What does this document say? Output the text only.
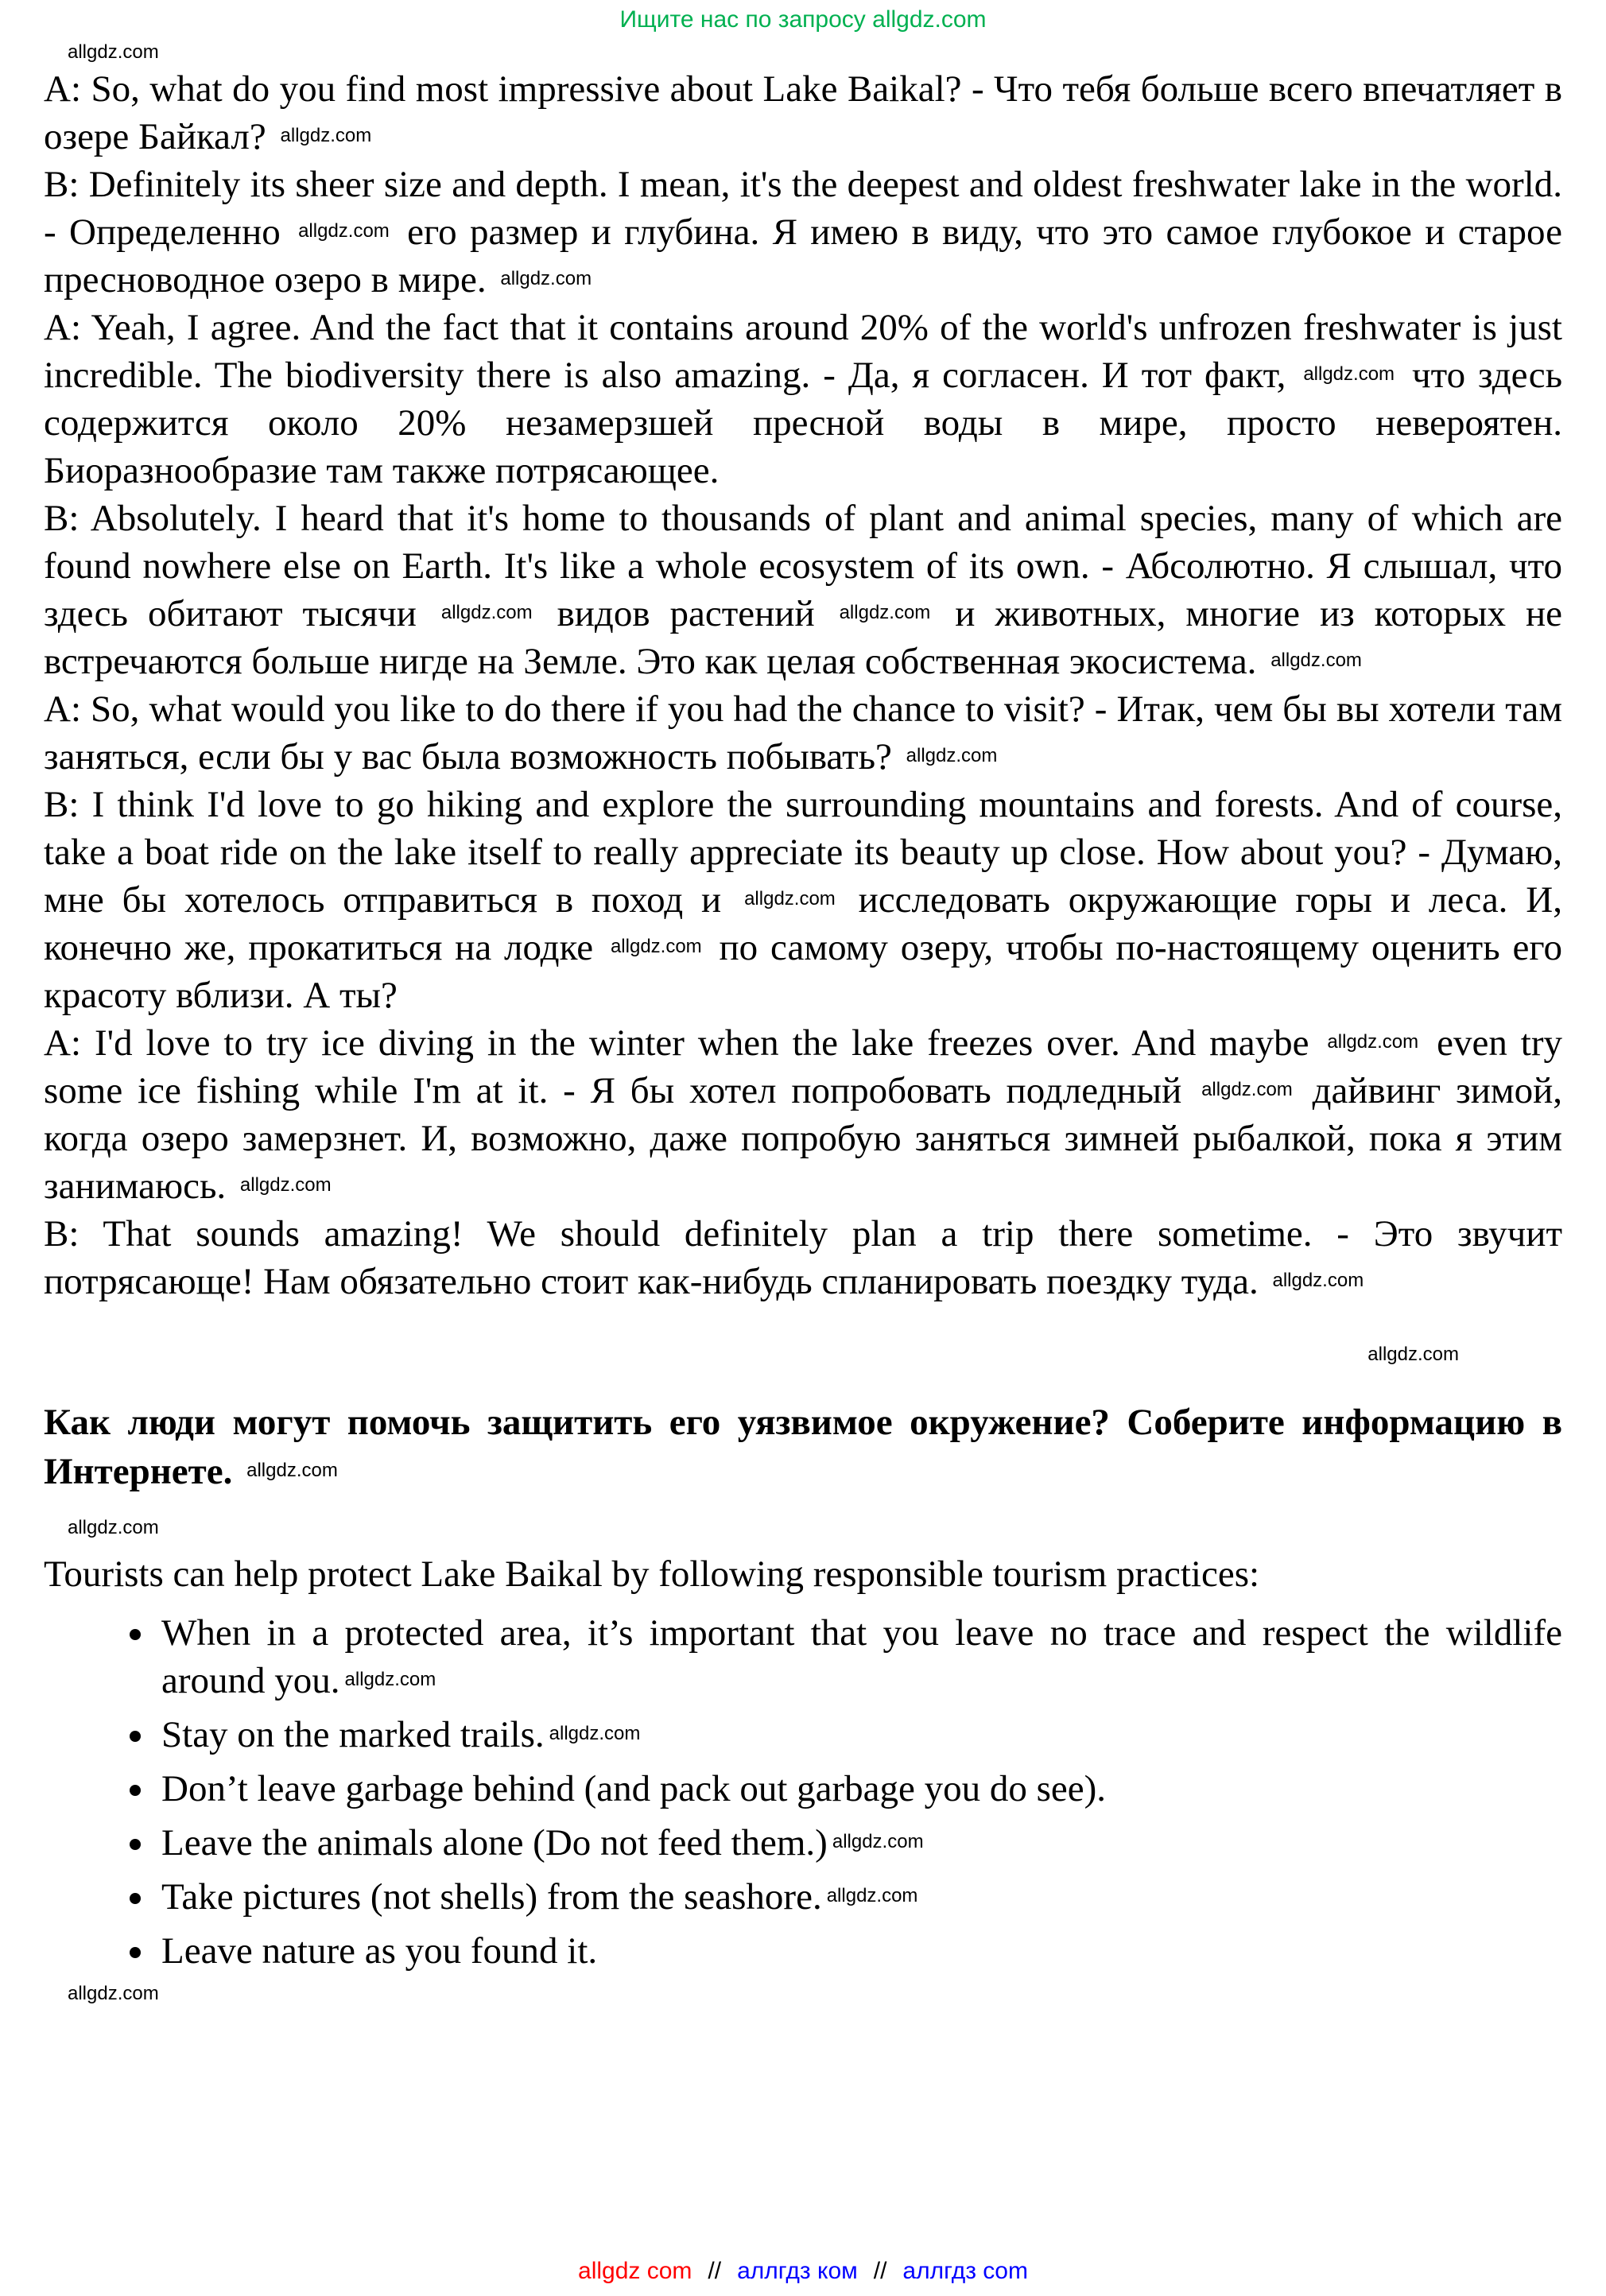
Ищите нас по запросу allgdz.com
allgdz.com

A: So, what do you find most impressive about Lake Baikal? - Что тебя больше всего впечатляет в озере Байкал? allgdz.com

B: Definitely its sheer size and depth. I mean, it's the deepest and oldest freshwater lake in the world. - Определенно allgdz.com его размер и глубина. Я имею в виду, что это самое глубокое и старое пресноводное озеро в мире. allgdz.com

A: Yeah, I agree. And the fact that it contains around 20% of the world's unfrozen freshwater is just incredible. The biodiversity there is also amazing. - Да, я согласен. И тот факт, allgdz.com что здесь содержится около 20% незамерзшей пресной воды в мире, просто невероятен. Биоразнообразие там также потрясающее.

B: Absolutely. I heard that it's home to thousands of plant and animal species, many of which are found nowhere else on Earth. It's like a whole ecosystem of its own. - Абсолютно. Я слышал, что здесь обитают тысячи allgdz.com видов растений allgdz.com и животных, многие из которых не встречаются больше нигде на Земле. Это как целая собственная экосистема. allgdz.com

A: So, what would you like to do there if you had the chance to visit? - Итак, чем бы вы хотели там заняться, если бы у вас была возможность побывать? allgdz.com

B: I think I'd love to go hiking and explore the surrounding mountains and forests. And of course, take a boat ride on the lake itself to really appreciate its beauty up close. How about you? - Думаю, мне бы хотелось отправиться в поход и allgdz.com исследовать окружающие горы и леса. И, конечно же, прокатиться на лодке allgdz.com по самому озеру, чтобы по-настоящему оценить его красоту вблизи. А ты?

A: I'd love to try ice diving in the winter when the lake freezes over. And maybe allgdz.com even try some ice fishing while I'm at it. - Я бы хотел попробовать подледный allgdz.com дайвинг зимой, когда озеро замерзнет. И, возможно, даже попробую заняться зимней рыбалкой, пока я этим занимаюсь. allgdz.com

B: That sounds amazing! We should definitely plan a trip there sometime. - Это звучит потрясающе! Нам обязательно стоит как-нибудь спланировать поездку туда. allgdz.com

allgdz.com
Как люди могут помочь защитить его уязвимое окружение? Соберите информацию в Интернете. allgdz.com
allgdz.com

Tourists can help protect Lake Baikal by following responsible tourism practices:

• When in a protected area, it’s important that you leave no trace and respect the wildlife around you. allgdz.com
• Stay on the marked trails. allgdz.com
• Don’t leave garbage behind (and pack out garbage you do see).
• Leave the animals alone (Do not feed them.) allgdz.com
• Take pictures (not shells) from the seashore. allgdz.com
• Leave nature as you found it.
allgdz.com
allgdz com // аллгдз ком // аллгдз com
